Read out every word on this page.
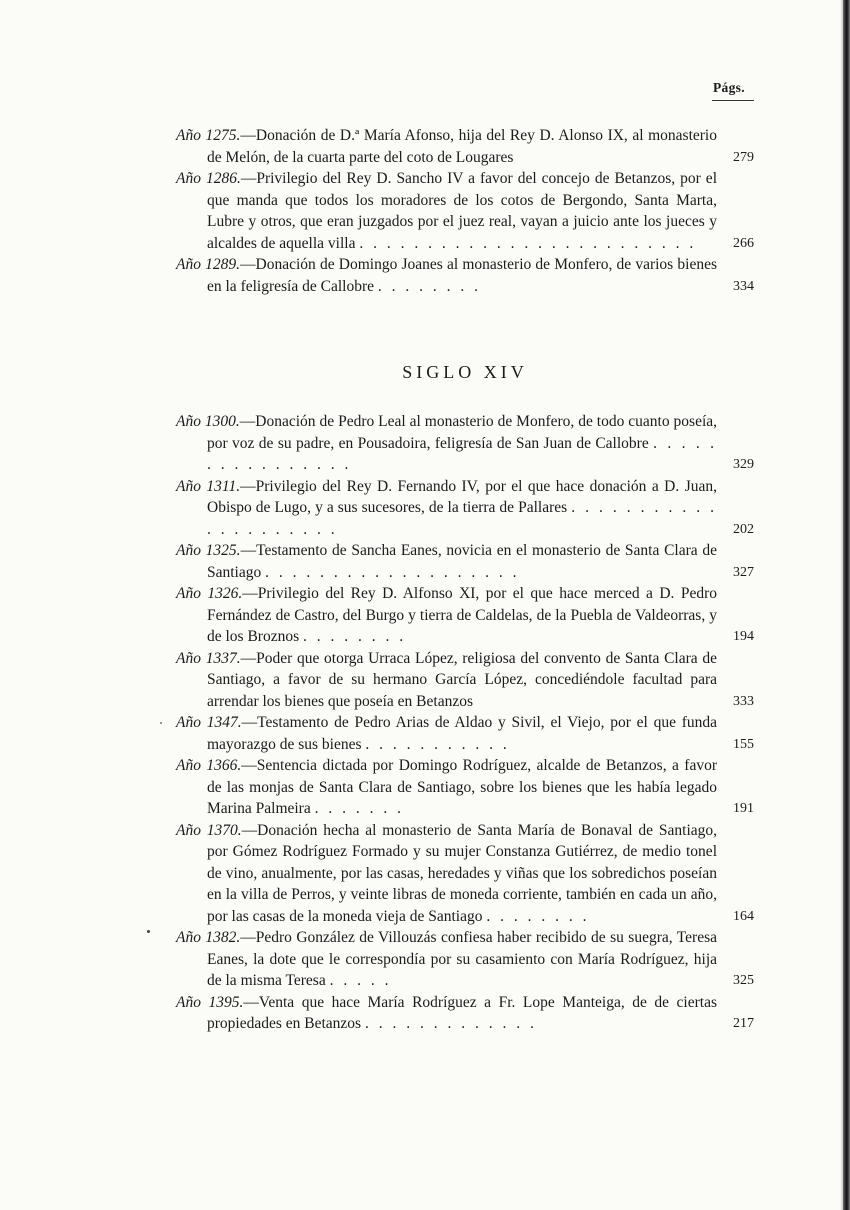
Págs.
Año 1275.—Donación de D.ª María Afonso, hija del Rey D. Alonso IX, al monasterio de Melón, de la cuarta parte del coto de Lougares	279
Año 1286.—Privilegio del Rey D. Sancho IV a favor del concejo de Betanzos, por el que manda que todos los moradores de los cotos de Bergondo, Santa Marta, Lubre y otros, que eran juzgados por el juez real, vayan a juicio ante los jueces y alcaldes de aquella villa . . . . . . . . . . . . . . . . . . . . . . . . .	266
Año 1289.—Donación de Domingo Joanes al monasterio de Monfero, de varios bienes en la feligresía de Callobre . . . . . . . .	334
SIGLO XIV
Año 1300.—Donación de Pedro Leal al monasterio de Monfero, de todo cuanto poseía, por voz de su padre, en Pousadoira, feligresía de San Juan de Callobre . . . . . . . . . . . . . . . .	329
Año 1311.—Privilegio del Rey D. Fernando IV, por el que hace donación a D. Juan, Obispo de Lugo, y a sus sucesores, de la tierra de Pallares . . . . . . . . . . . . . . . . . . . . .	202
Año 1325.—Testamento de Sancha Eanes, novicia en el monasterio de Santa Clara de Santiago . . . . . . . . . . . . . . . . . . .	327
Año 1326.—Privilegio del Rey D. Alfonso XI, por el que hace merced a D. Pedro Fernández de Castro, del Burgo y tierra de Caldelas, de la Puebla de Valdeorras, y de los Broznos . . . . . . . .	194
Año 1337.—Poder que otorga Urraca López, religiosa del convento de Santa Clara de Santiago, a favor de su hermano García López, concediéndole facultad para arrendar los bienes que poseía en Betanzos	333
Año 1347.—Testamento de Pedro Arias de Aldao y Sivil, el Viejo, por el que funda mayorazgo de sus bienes . . . . . . . . . . .	155
Año 1366.—Sentencia dictada por Domingo Rodríguez, alcalde de Betanzos, a favor de las monjas de Santa Clara de Santiago, sobre los bienes que les había legado Marina Palmeira . . . . . . .	191
Año 1370.—Donación hecha al monasterio de Santa María de Bonaval de Santiago, por Gómez Rodríguez Formado y su mujer Constanza Gutiérrez, de medio tonel de vino, anualmente, por las casas, heredades y viñas que los sobredichos poseían en la villa de Perros, y veinte libras de moneda corriente, también en cada un año, por las casas de la moneda vieja de Santiago . . . . . . . .	164
Año 1382.—Pedro González de Villouzás confiesa haber recibido de su suegra, Teresa Eanes, la dote que le correspondía por su casamiento con María Rodríguez, hija de la misma Teresa . . . . .	325
Año 1395.—Venta que hace María Rodríguez a Fr. Lope Manteiga, de de ciertas propiedades en Betanzos . . . . . . . . . . . . .	217
